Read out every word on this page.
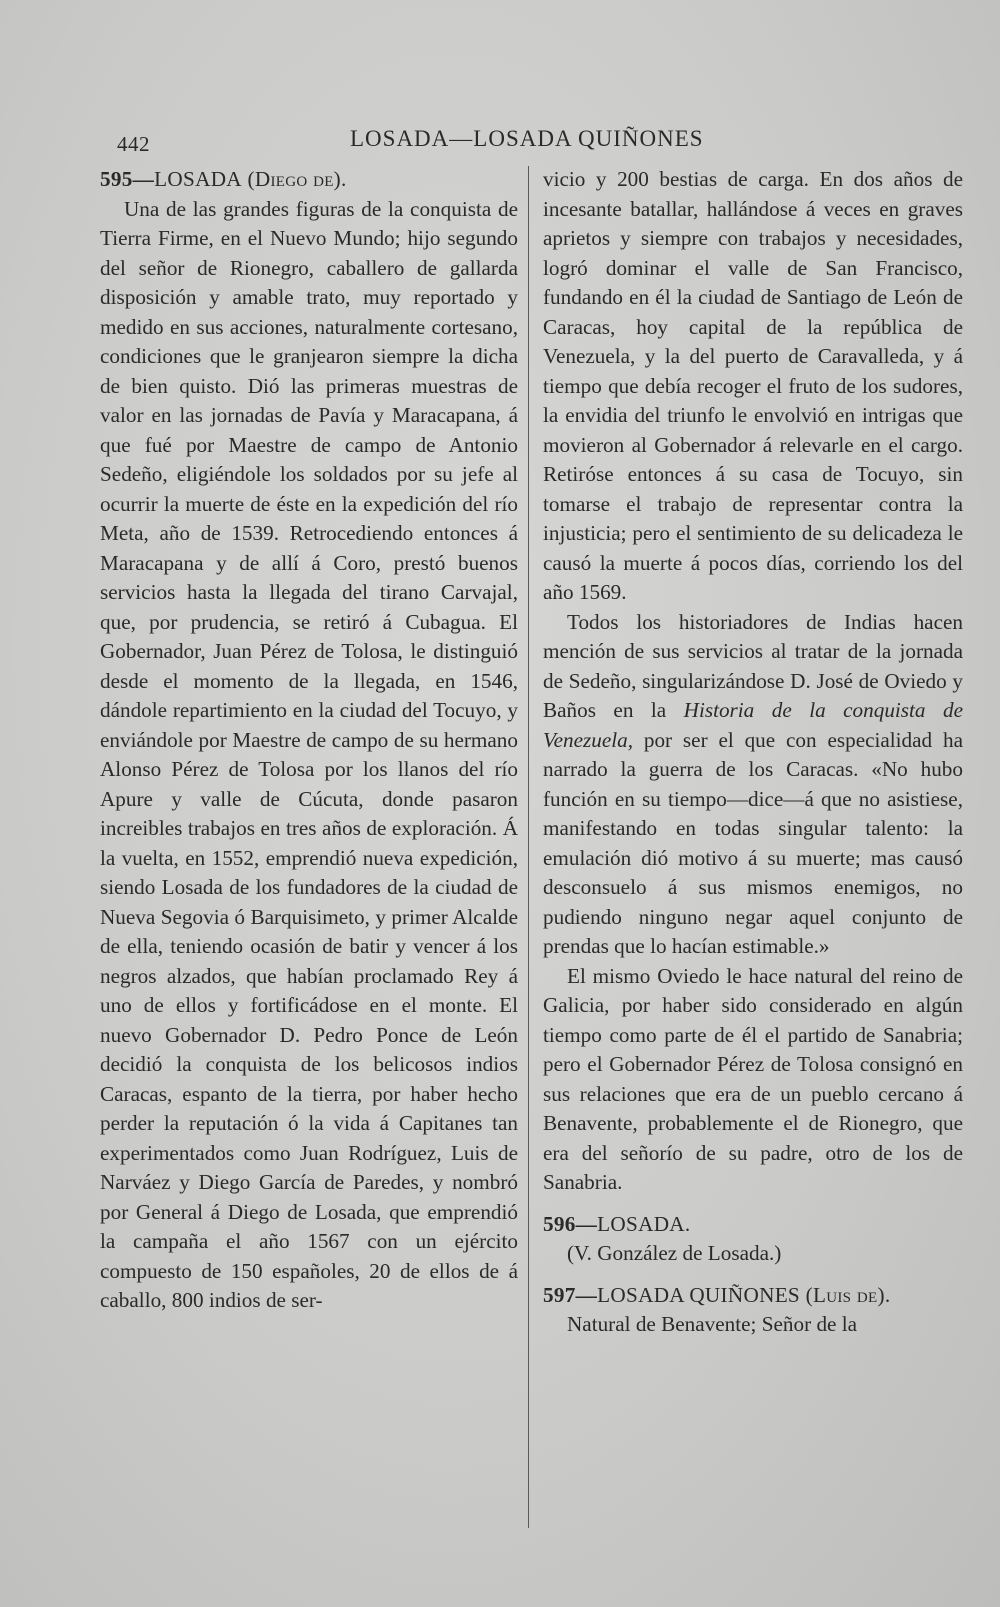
442	LOSADA—LOSADA QUIÑONES

595—LOSADA (Diego de).

Una de las grandes figuras de la conquista de Tierra Firme, en el Nuevo Mundo; hijo segundo del señor de Rionegro, caballero de gallarda disposición y amable trato, muy reportado y medido en sus acciones, naturalmente cortesano, condiciones que le granjearon siempre la dicha de bien quisto. Dió las primeras muestras de valor en las jornadas de Pavía y Maracapana, á que fué por Maestre de campo de Antonio Sedeño, eligiéndole los soldados por su jefe al ocurrir la muerte de éste en la expedición del río Meta, año de 1539. Retrocediendo entonces á Maracapana y de allí á Coro, prestó buenos servicios hasta la llegada del tirano Carvajal, que, por prudencia, se retiró á Cubagua. El Gobernador, Juan Pérez de Tolosa, le distinguió desde el momento de la llegada, en 1546, dándole repartimiento en la ciudad del Tocuyo, y enviándole por Maestre de campo de su hermano Alonso Pérez de Tolosa por los llanos del río Apure y valle de Cúcuta, donde pasaron increibles trabajos en tres años de exploración. Á la vuelta, en 1552, emprendió nueva expedición, siendo Losada de los fundadores de la ciudad de Nueva Segovia ó Barquisimeto, y primer Alcalde de ella, teniendo ocasión de batir y vencer á los negros alzados, que habían proclamado Rey á uno de ellos y fortificádose en el monte. El nuevo Gobernador D. Pedro Ponce de León decidió la conquista de los belicosos indios Caracas, espanto de la tierra, por haber hecho perder la reputación ó la vida á Capitanes tan experimentados como Juan Rodríguez, Luis de Narváez y Diego García de Paredes, y nombró por General á Diego de Losada, que emprendió la campaña el año 1567 con un ejército compuesto de 150 españoles, 20 de ellos de á caballo, 800 indios de ser-

vicio y 200 bestias de carga. En dos años de incesante batallar, hallándose á veces en graves aprietos y siempre con trabajos y necesidades, logró dominar el valle de San Francisco, fundando en él la ciudad de Santiago de León de Caracas, hoy capital de la república de Venezuela, y la del puerto de Caravalleda, y á tiempo que debía recoger el fruto de los sudores, la envidia del triunfo le envolvió en intrigas que movieron al Gobernador á relevarle en el cargo. Retiróse entonces á su casa de Tocuyo, sin tomarse el trabajo de representar contra la injusticia; pero el sentimiento de su delicadeza le causó la muerte á pocos días, corriendo los del año 1569.

Todos los historiadores de Indias hacen mención de sus servicios al tratar de la jornada de Sedeño, singularizándose D. José de Oviedo y Baños en la Historia de la conquista de Venezuela, por ser el que con especialidad ha narrado la guerra de los Caracas. «No hubo función en su tiempo—dice—á que no asistiese, manifestando en todas singular talento: la emulación dió motivo á su muerte; mas causó desconsuelo á sus mismos enemigos, no pudiendo ninguno negar aquel conjunto de prendas que lo hacían estimable.»

El mismo Oviedo le hace natural del reino de Galicia, por haber sido considerado en algún tiempo como parte de él el partido de Sanabria; pero el Gobernador Pérez de Tolosa consignó en sus relaciones que era de un pueblo cercano á Benavente, probablemente el de Rionegro, que era del señorío de su padre, otro de los de Sanabria.

596—LOSADA.

(V. González de Losada.)

597—LOSADA QUIÑONES (Luis de).

Natural de Benavente; Señor de la
